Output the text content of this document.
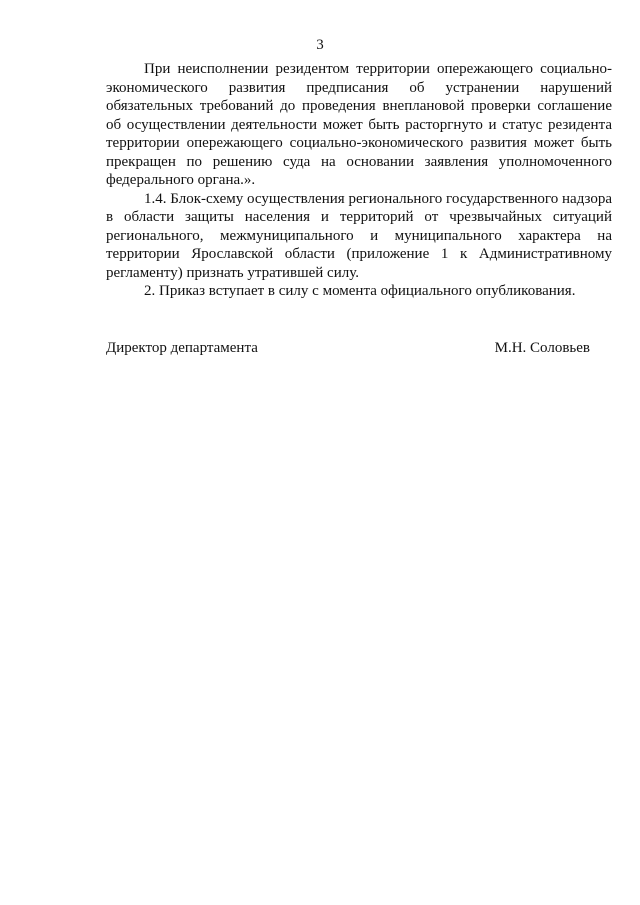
3

При неисполнении резидентом территории опережающего социально-экономического развития предписания об устранении нарушений обязательных требований до проведения внеплановой проверки соглашение об осуществлении деятельности может быть расторгнуто и статус резидента территории опережающего социально-экономического развития может быть прекращен по решению суда на основании заявления уполномоченного федерального органа.».

1.4. Блок-схему осуществления регионального государственного надзора в области защиты населения и территорий от чрезвычайных ситуаций регионального, межмуниципального и муниципального характера на территории Ярославской области (приложение 1 к Административному регламенту) признать утратившей силу.

2. Приказ вступает в силу с момента официального опубликования.

Директор департамента	М.Н. Соловьев
